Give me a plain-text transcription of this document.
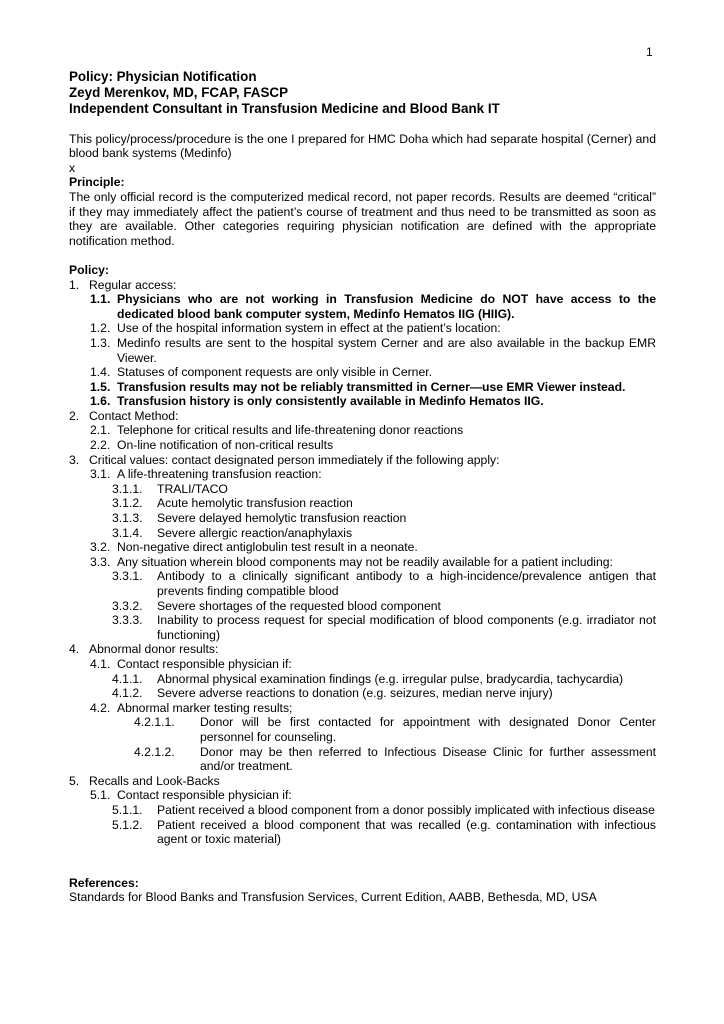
1
Policy: Physician Notification
Zeyd Merenkov, MD, FCAP, FASCP
Independent Consultant in Transfusion Medicine and Blood Bank IT

This policy/process/procedure is the one I prepared for HMC Doha which had separate hospital (Cerner) and blood bank systems (Medinfo)

x
Principle:

The only official record is the computerized medical record, not paper records. Results are deemed “critical” if they may immediately affect the patient’s course of treatment and thus need to be transmitted as soon as they are available. Other categories requiring physician notification are defined with the appropriate notification method.

Policy:
1. Regular access:
1.1. Physicians who are not working in Transfusion Medicine do NOT have access to the dedicated blood bank computer system, Medinfo Hematos IIG (HIIG).
1.2. Use of the hospital information system in effect at the patient’s location:
1.3. Medinfo results are sent to the hospital system Cerner and are also available in the backup EMR Viewer.
1.4. Statuses of component requests are only visible in Cerner.
1.5. Transfusion results may not be reliably transmitted in Cerner—use EMR Viewer instead.
1.6. Transfusion history is only consistently available in Medinfo Hematos IIG.
2. Contact Method:
2.1. Telephone for critical results and life-threatening donor reactions
2.2. On-line notification of non-critical results
3. Critical values: contact designated person immediately if the following apply:
3.1. A life-threatening transfusion reaction:
3.1.1. TRALI/TACO
3.1.2. Acute hemolytic transfusion reaction
3.1.3. Severe delayed hemolytic transfusion reaction
3.1.4. Severe allergic reaction/anaphylaxis
3.2. Non-negative direct antiglobulin test result in a neonate.
3.3. Any situation wherein blood components may not be readily available for a patient including:
3.3.1. Antibody to a clinically significant antibody to a high-incidence/prevalence antigen that prevents finding compatible blood
3.3.2. Severe shortages of the requested blood component
3.3.3. Inability to process request for special modification of blood components (e.g. irradiator not functioning)
4. Abnormal donor results:
4.1. Contact responsible physician if:
4.1.1. Abnormal physical examination findings (e.g. irregular pulse, bradycardia, tachycardia)
4.1.2. Severe adverse reactions to donation (e.g. seizures, median nerve injury)
4.2. Abnormal marker testing results;
4.2.1.1. Donor will be first contacted for appointment with designated Donor Center personnel for counseling.
4.2.1.2. Donor may be then referred to Infectious Disease Clinic for further assessment and/or treatment.
5. Recalls and Look-Backs
5.1. Contact responsible physician if:
5.1.1. Patient received a blood component from a donor possibly implicated with infectious disease
5.1.2. Patient received a blood component that was recalled (e.g. contamination with infectious agent or toxic material)
References:
Standards for Blood Banks and Transfusion Services, Current Edition, AABB, Bethesda, MD, USA
